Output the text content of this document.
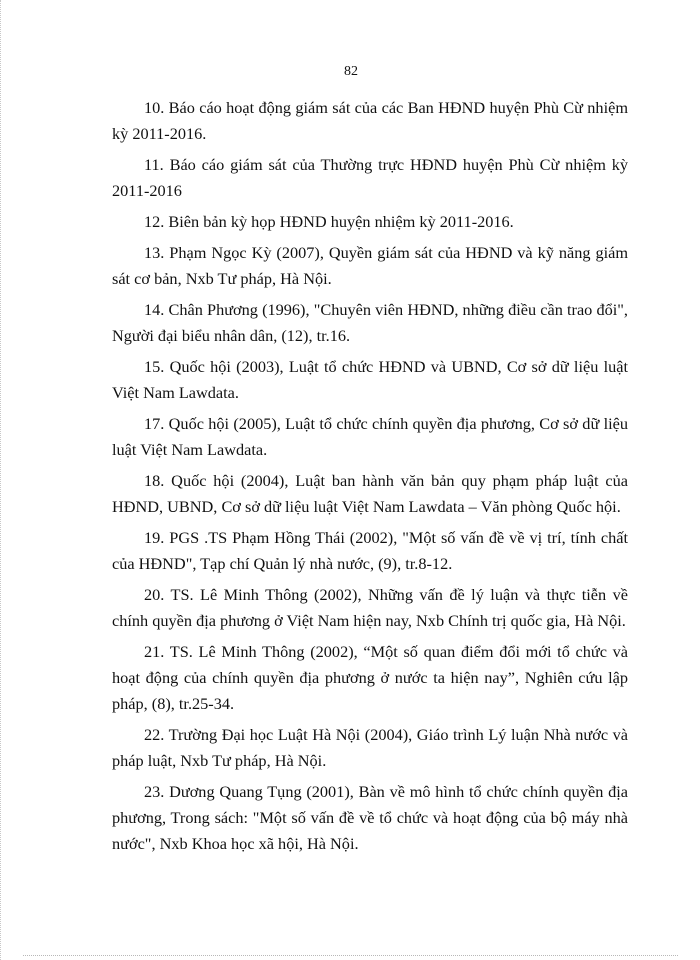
82

10. Báo cáo hoạt động giám sát của các Ban HĐND huyện Phù Cừ nhiệm kỳ 2011-2016.

11. Báo cáo giám sát của Thường trực HĐND huyện Phù Cừ nhiệm kỳ 2011-2016

12. Biên bản kỳ họp HĐND huyện nhiệm kỳ 2011-2016.

13. Phạm Ngọc Kỳ (2007), Quyền giám sát của HĐND và kỹ năng giám sát cơ bản, Nxb Tư pháp, Hà Nội.

14. Chân Phương (1996), "Chuyên viên HĐND, những điều cần trao đổi", Người đại biểu nhân dân, (12), tr.16.

15. Quốc hội (2003), Luật tổ chức HĐND và UBND, Cơ sở dữ liệu luật Việt Nam Lawdata.

17. Quốc hội (2005), Luật tổ chức chính quyền địa phương, Cơ sở dữ liệu luật Việt Nam Lawdata.

18. Quốc hội (2004), Luật ban hành văn bản quy phạm pháp luật của HĐND, UBND, Cơ sở dữ liệu luật Việt Nam Lawdata – Văn phòng Quốc hội.

19. PGS .TS Phạm Hồng Thái (2002), "Một số vấn đề về vị trí, tính chất của HĐND", Tạp chí Quản lý nhà nước, (9), tr.8-12.

20. TS. Lê Minh Thông (2002), Những vấn đề lý luận và thực tiễn về chính quyền địa phương ở Việt Nam hiện nay, Nxb Chính trị quốc gia, Hà Nội.

21. TS. Lê Minh Thông (2002), “Một số quan điểm đổi mới tổ chức và hoạt động của chính quyền địa phương ở nước ta hiện nay”, Nghiên cứu lập pháp, (8), tr.25-34.

22. Trường Đại học Luật Hà Nội (2004), Giáo trình Lý luận Nhà nước và pháp luật, Nxb Tư pháp, Hà Nội.

23. Dương Quang Tụng (2001), Bàn về mô hình tổ chức chính quyền địa phương, Trong sách: "Một số vấn đề về tổ chức và hoạt động của bộ máy nhà nước", Nxb Khoa học xã hội, Hà Nội.
